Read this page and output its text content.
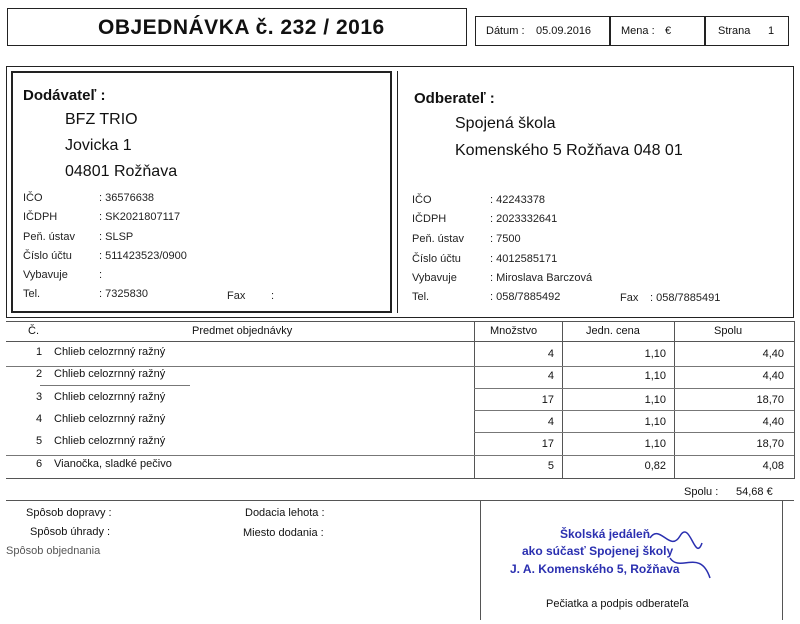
OBJEDNÁVKA č. 232 / 2016	Dátum : 05.09.2016	Mena : €	Strana 1
Dodávateľ :
BFZ TRIO
Jovicka 1
04801 Rožňava
IČO	: 36576638
IČDPH	: SK2021807117
Peň. ústav : SLSP
Číslo účtu : 511423523/0900
Vybavuje	:
Tel.	: 7325830	Fax :
Odberateľ :
Spojená škola
Komenského 5 Rožňava 048 01
IČO	: 42243378
IČDPH	: 2023332641
Peň. ústav : 7500
Číslo účtu	: 4012585171
Vybavuje	: Miroslava Barczová
Tel.	: 058/7885492	Fax : 058/7885491
Č.	Predmet objednávky	Množstvo	Jedn. cena	Spolu
1 Chlieb celozrnný ražný	4	1,10	4,40
2 Chlieb celozrnný ražný	4	1,10	4,40
3 Chlieb celozrnný ražný	17	1,10	18,70
4 Chlieb celozrnný ražný	4	1,10	4,40
5 Chlieb celozrnný ražný	17	1,10	18,70
6 Vianočka, sladké pečivo	5	0,82	4,08
Spolu : 54,68 €
Spôsob dopravy :
Spôsob úhrady :
Spôsob objednania
Dodacia lehota :
Miesto dodania :	Školská jedáleň
ako súčasť Spojenej školy
J. A. Komenského 5, Rožňava
Pečiatka a podpis odberateľa
